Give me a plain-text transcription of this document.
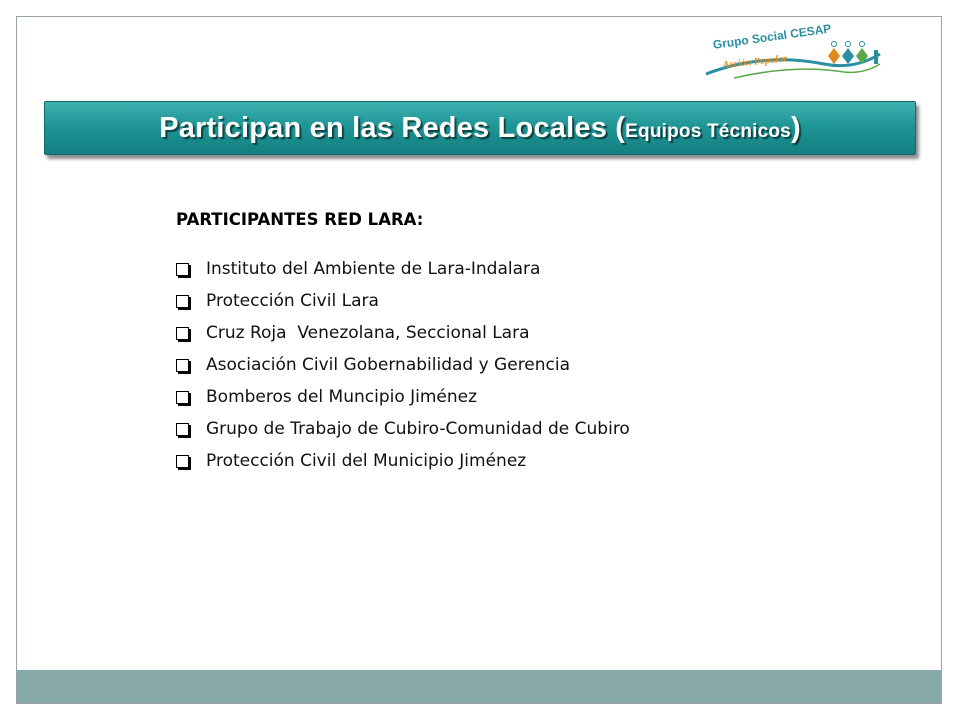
Grupo Social CESAP
Acción Popular
Participan en las Redes Locales (Equipos Técnicos)
PARTICIPANTES RED LARA:
Instituto del Ambiente de Lara-Indalara
Protección Civil Lara
Cruz Roja  Venezolana, Seccional Lara
Asociación Civil Gobernabilidad y Gerencia
Bomberos del Muncipio Jiménez
Grupo de Trabajo de Cubiro-Comunidad de Cubiro
Protección Civil del Municipio Jiménez
